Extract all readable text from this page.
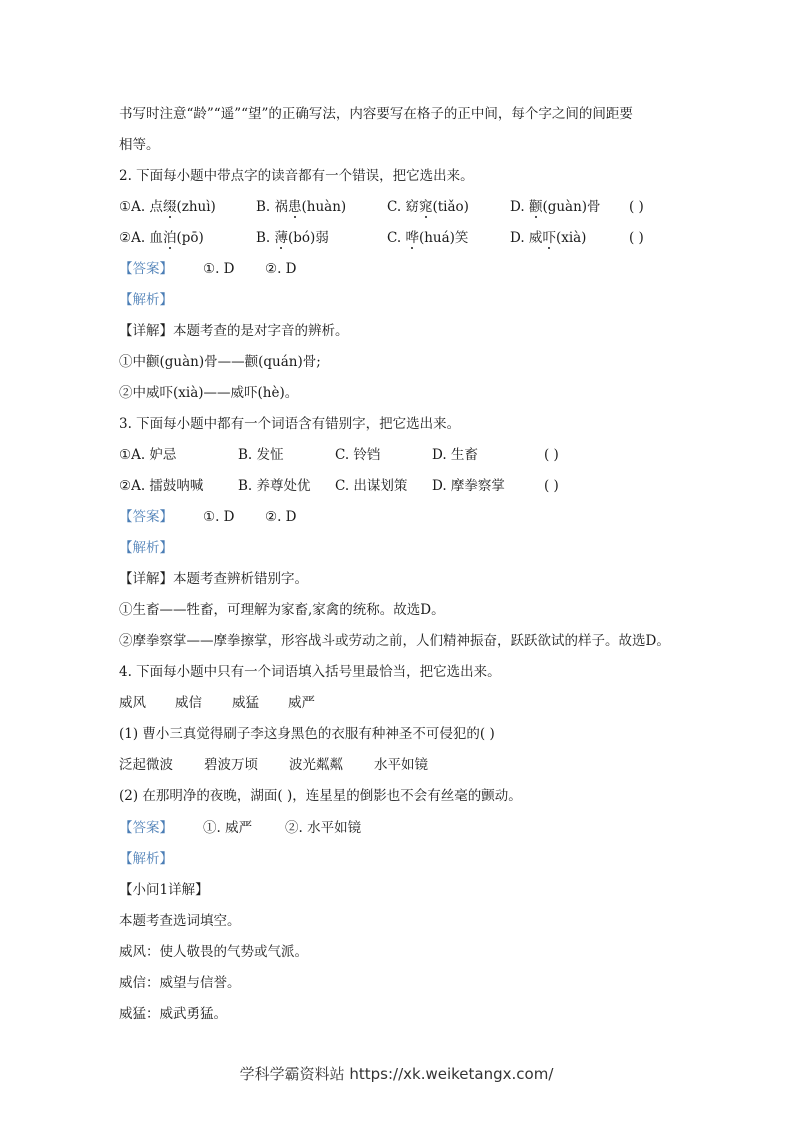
书写时注意“龄”“遥”“望”的正确写法，内容要写在格子的正中间，每个字之间的间距要
相等。
2. 下面每小题中带点字的读音都有一个错误，把它选出来。
①A. 点缀(zhuì)	B. 祸患(huàn)	C. 窈窕(tiǎo)	D. 颧(guàn)骨 ( )
②A. 血泊(pō)	B. 薄(bó)弱	C. 哗(huá)笑	D. 威吓(xià)	( )
【答案】 ①. D ②. D
【解析】
【详解】本题考查的是对字音的辨析。
①中颧(guàn)骨——颧(quán)骨;
②中威吓(xià)——威吓(hè)。
3. 下面每小题中都有一个词语含有错别字，把它选出来。
①A. 妒忌	B. 发怔	C. 铃铛	D. 生畜	( )
②A. 擂鼓呐喊	B. 养尊处优 C. 出谋划策 D. 摩拳察掌	( )
【答案】 ①. D ②. D
【解析】
【详解】本题考查辨析错别字。
①生畜——牲畜，可理解为家畜,家禽的统称。故选D。
②摩拳察掌——摩拳擦掌，形容战斗或劳动之前，人们精神振奋，跃跃欲试的样子。故选D。
4. 下面每小题中只有一个词语填入括号里最恰当，把它选出来。
威风 威信 威猛 威严
(1) 曹小三真觉得刷子李这身黑色的衣服有种神圣不可侵犯的( )
泛起微波 碧波万顷 波光粼粼 水平如镜
(2) 在那明净的夜晚，湖面( )，连星星的倒影也不会有丝毫的颤动。
【答案】 ①. 威严 ②. 水平如镜
【解析】
【小问1详解】
本题考查选词填空。
威风：使人敬畏的气势或气派。
威信：威望与信誉。
威猛：威武勇猛。
学科学霸资料站 https://xk.weiketangx.com/
